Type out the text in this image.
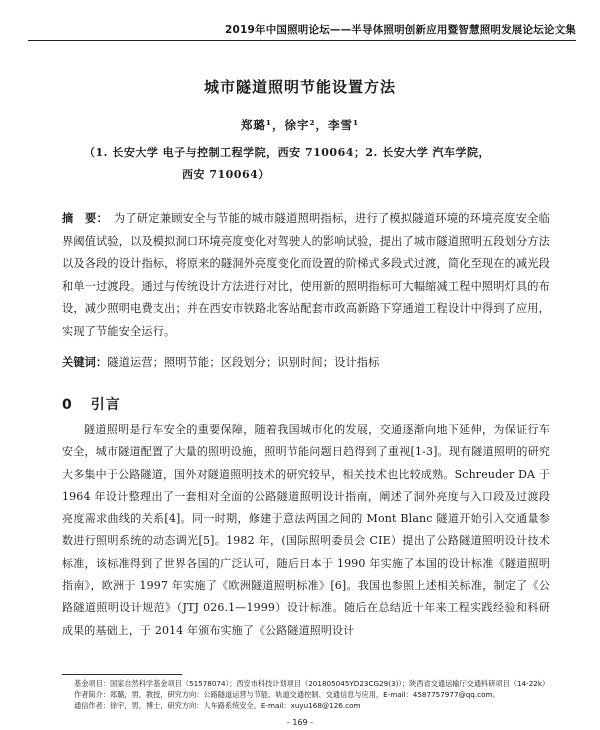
2019年中国照明论坛——半导体照明创新应用暨智慧照明发展论坛论文集
城市隧道照明节能设置方法
郑璐¹，徐宇²，李雪¹
（1. 长安大学 电子与控制工程学院，西安 710064；2. 长安大学 汽车学院，
西安 710064）
摘　要： 为了研定兼顾安全与节能的城市隧道照明指标，进行了模拟隧道环境的环境亮度安全临界阈值试验，以及模拟洞口环境亮度变化对驾驶人的影响试验，提出了城市隧道照明五段划分方法以及各段的设计指标，将原来的隧洞外亮度变化而设置的阶梯式多段式过渡，简化至现在的减光段和单一过渡段。通过与传统设计方法进行对比，使用新的照明指标可大幅缩减工程中照明灯具的布设，减少照明电费支出；并在西安市铁路北客站配套市政高新路下穿通道工程设计中得到了应用，实现了节能安全运行。
关键词：隧道运营；照明节能；区段划分；识别时间；设计指标
0 引言
隧道照明是行车安全的重要保障，随着我国城市化的发展，交通逐渐向地下延伸，为保证行车安全，城市隧道配置了大量的照明设施，照明节能问题日趋得到了重视[1-3]。现有隧道照明的研究大多集中于公路隧道，国外对隧道照明技术的研究较早，相关技术也比较成熟。Schreuder DA 于 1964 年设计整理出了一套相对全面的公路隧道照明设计指南，阐述了洞外亮度与入口段及过渡段亮度需求曲线的关系[4]。同一时期，修建于意法两国之间的 Mont Blanc 隧道开始引入交通量参数进行照明系统的动态调光[5]。1982 年，(国际照明委员会 CIE）提出了公路隧道照明设计技术标准，该标准得到了世界各国的广泛认可，随后日本于 1990 年实施了本国的设计标准《隧道照明指南》，欧洲于 1997 年实施了《欧洲隧道照明标准》[6]。我国也参照上述相关标准，制定了《公路隧道照明设计规范》（JTJ 026.1—1999）设计标准。随后在总结近十年来工程实践经验和科研成果的基础上，于 2014 年颁布实施了《公路隧道照明设计
基金项目：国家自然科学基金项目（51578074）；西安市科技计划项目（201805045YD23CG29(3)）；陕西省交通运输厅交通科研项目（14-22k）
作者简介：郑璐，男，教授，研究方向：公路隧道运营与节能、轨道交通控制、交通信息与应用，E-mail：4587757977@qq.com。
通信作者：徐宇，男，博士，研究方向：人车路系统安全，E-mail：xuyu168@126.com
- 169 -
